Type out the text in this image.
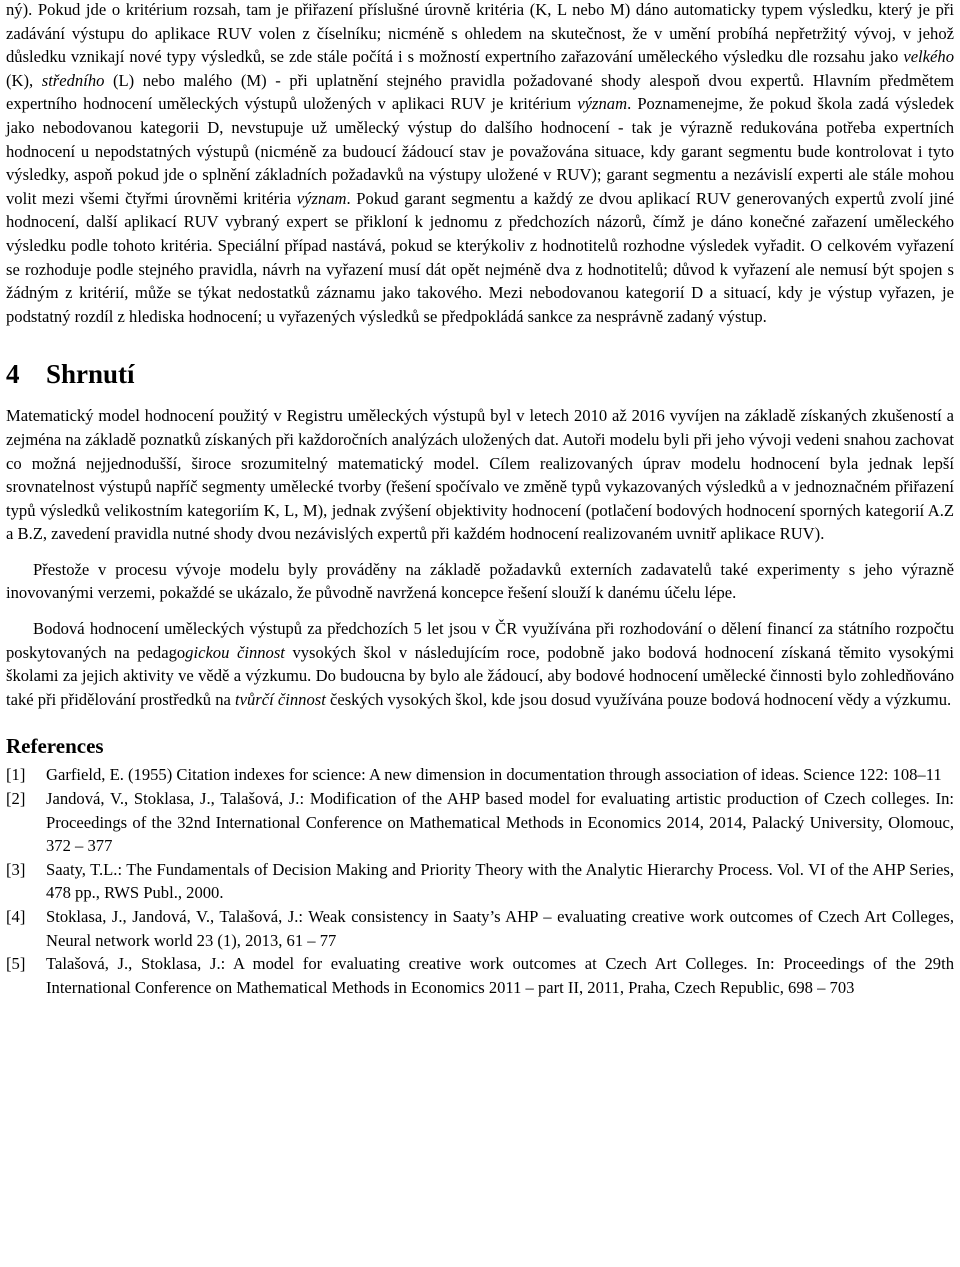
ný). Pokud jde o kritérium rozsah, tam je přiřazení příslušné úrovně kritéria (K, L nebo M) dáno automaticky typem výsledku, který je při zadávání výstupu do aplikace RUV volen z číselníku; nicméně s ohledem na skutečnost, že v umění probíhá nepřetržitý vývoj, v jehož důsledku vznikají nové typy výsledků, se zde stále počítá i s možností expertního zařazování uměleckého výsledku dle rozsahu jako velkého (K), středního (L) nebo malého (M) - při uplatnění stejného pravidla požadované shody alespoň dvou expertů. Hlavním předmětem expertního hodnocení uměleckých výstupů uložených v aplikaci RUV je kritérium význam. Poznamenejme, že pokud škola zadá výsledek jako nebodovanou kategorii D, nevstupuje už umělecký výstup do dalšího hodnocení - tak je výrazně redukována potřeba expertních hodnocení u nepodstatných výstupů (nicméně za budoucí žádoucí stav je považována situace, kdy garant segmentu bude kontrolovat i tyto výsledky, aspoň pokud jde o splnění základních požadavků na výstupy uložené v RUV); garant segmentu a nezávislí experti ale stále mohou volit mezi všemi čtyřmi úrovněmi kritéria význam. Pokud garant segmentu a každý ze dvou aplikací RUV generovaných expertů zvolí jiné hodnocení, další aplikací RUV vybraný expert se přikloní k jednomu z předchozích názorů, čímž je dáno konečné zařazení uměleckého výsledku podle tohoto kritéria. Speciální případ nastává, pokud se kterýkoliv z hodnotitelů rozhodne výsledek vyřadit. O celkovém vyřazení se rozhoduje podle stejného pravidla, návrh na vyřazení musí dát opět nejméně dva z hodnotitelů; důvod k vyřazení ale nemusí být spojen s žádným z kritérií, může se týkat nedostatků záznamu jako takového. Mezi nebodovanou kategorií D a situací, kdy je výstup vyřazen, je podstatný rozdíl z hlediska hodnocení; u vyřazených výsledků se předpokládá sankce za nesprávně zadaný výstup.

4 Shrnutí

Matematický model hodnocení použitý v Registru uměleckých výstupů byl v letech 2010 až 2016 vyvíjen na základě získaných zkušeností a zejména na základě poznatků získaných při každoročních analýzách uložených dat. Autoři modelu byli při jeho vývoji vedeni snahou zachovat co možná nejjednodušší, široce srozumitelný matematický model. Cílem realizovaných úprav modelu hodnocení byla jednak lepší srovnatelnost výstupů napříč segmenty umělecké tvorby (řešení spočívalo ve změně typů vykazovaných výsledků a v jednoznačném přiřazení typů výsledků velikostním kategoriím K, L, M), jednak zvýšení objektivity hodnocení (potlačení bodových hodnocení sporných kategorií A.Z a B.Z, zavedení pravidla nutné shody dvou nezávislých expertů při každém hodnocení realizovaném uvnitř aplikace RUV).

Přestože v procesu vývoje modelu byly prováděny na základě požadavků externích zadavatelů také experimenty s jeho výrazně inovovanými verzemi, pokaždé se ukázalo, že původně navržená koncepce řešení slouží k danému účelu lépe.

Bodová hodnocení uměleckých výstupů za předchozích 5 let jsou v ČR využívána při rozhodování o dělení financí za státního rozpočtu poskytovaných na pedagogickou činnost vysokých škol v následujícím roce, podobně jako bodová hodnocení získaná těmito vysokými školami za jejich aktivity ve vědě a výzkumu. Do budoucna by bylo ale žádoucí, aby bodové hodnocení umělecké činnosti bylo zohledňováno také při přidělování prostředků na tvůrčí činnost českých vysokých škol, kde jsou dosud využívána pouze bodová hodnocení vědy a výzkumu.

References
[1] Garfield, E. (1955) Citation indexes for science: A new dimension in documentation through association of ideas. Science 122: 108–11
[2] Jandová, V., Stoklasa, J., Talašová, J.: Modification of the AHP based model for evaluating artistic production of Czech colleges. In: Proceedings of the 32nd International Conference on Mathematical Methods in Economics 2014, 2014, Palacký University, Olomouc, 372 – 377
[3] Saaty, T.L.: The Fundamentals of Decision Making and Priority Theory with the Analytic Hierarchy Process. Vol. VI of the AHP Series, 478 pp., RWS Publ., 2000.
[4] Stoklasa, J., Jandová, V., Talašová, J.: Weak consistency in Saaty’s AHP – evaluating creative work outcomes of Czech Art Colleges, Neural network world 23 (1), 2013, 61 – 77
[5] Talašová, J., Stoklasa, J.: A model for evaluating creative work outcomes at Czech Art Colleges. In: Proceedings of the 29th International Conference on Mathematical Methods in Economics 2011 – part II, 2011, Praha, Czech Republic, 698 – 703
